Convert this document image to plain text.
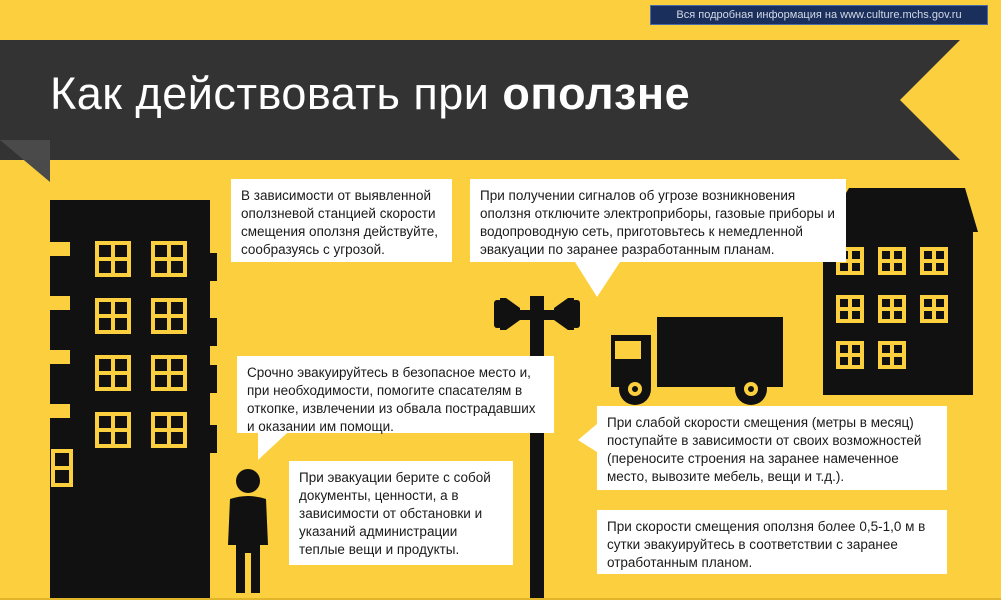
Вся подробная информация на www.culture.mchs.gov.ru
Как действовать при оползне
В зависимости от выявленной оползневой станцией скорости смещения оползня действуйте, сообразуясь с угрозой.
При получении сигналов об угрозе возникновения оползня отключите электроприборы, газовые приборы и водопроводную сеть, приготовьтесь к немедленной эвакуации по заранее разработанным планам.
Срочно эвакуируйтесь в безопасное место и, при необходимости, помогите спасателям в откопке, извлечении из обвала пострадавших и оказании им помощи.
При эвакуации берите с собой документы, ценности, а в зависимости от обстановки и указаний администрации теплые вещи и продукты.
При слабой скорости смещения (метры в месяц) поступайте в зависимости от своих возможностей (переносите строения на заранее намеченное место, вывозите мебель, вещи и т.д.).
При скорости смещения оползня более 0,5-1,0 м в сутки эвакуируйтесь в соответствии с заранее отработанным планом.
